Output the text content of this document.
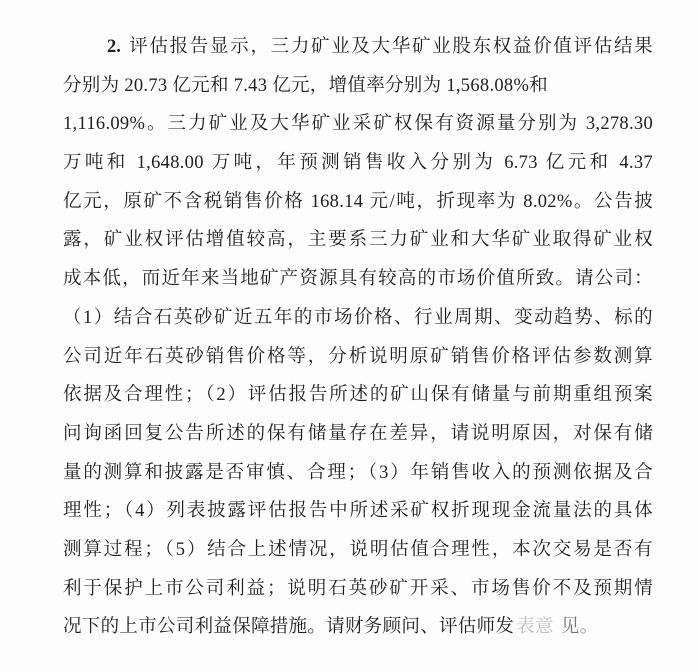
2. 评估报告显示，三力矿业及大华矿业股东权益价值评估结果
分别为 20.73 亿元和 7.43 亿元，增值率分别为 1,568.08%和
1,116.09%。三力矿业及大华矿业采矿权保有资源量分别为 3,278.30
万吨和 1,648.00 万吨，年预测销售收入分别为 6.73 亿元和 4.37
亿元，原矿不含税销售价格 168.14 元/吨，折现率为 8.02%。公告披
露，矿业权评估增值较高，主要系三力矿业和大华矿业取得矿业权
成本低，而近年来当地矿产资源具有较高的市场价值所致。请公司：
（1）结合石英砂矿近五年的市场价格、行业周期、变动趋势、标的
公司近年石英砂销售价格等，分析说明原矿销售价格评估参数测算
依据及合理性；（2）评估报告所述的矿山保有储量与前期重组预案
问询函回复公告所述的保有储量存在差异，请说明原因，对保有储
量的测算和披露是否审慎、合理；（3）年销售收入的预测依据及合
理性；（4）列表披露评估报告中所述采矿权折现现金流量法的具体
测算过程；（5）结合上述情况，说明估值合理性，本次交易是否有
利于保护上市公司利益；说明石英砂矿开采、市场售价不及预期情
况下的上市公司利益保障措施。请财务顾问、评估师发 表意 见。
